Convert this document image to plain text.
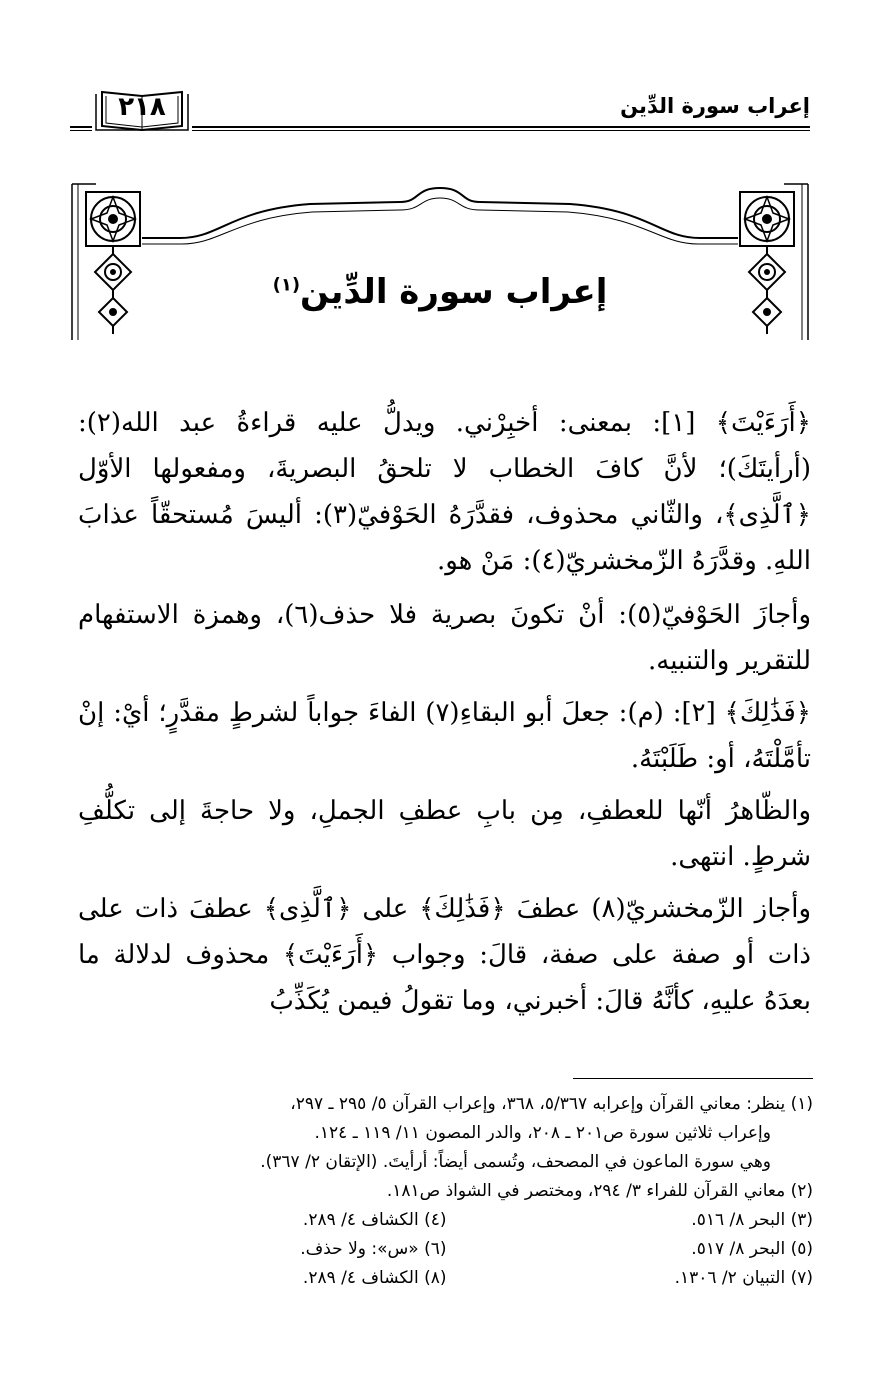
إعراب سورة الدِّين
٢١٨
إعراب سورة الدِّين$^{(١)}$

﴿أَرَءَيْتَ﴾ [١]: بمعنى: أخبِرْني. ويدلُّ عليه قراءةُ عبد الله(٢): (أرأيتَكَ)؛ لأنَّ كافَ الخطاب لا تلحقُ البصريةَ، ومفعولها الأوّل ﴿ٱلَّذِى﴾، والثّاني محذوف، فقدَّرَهُ الحَوْفيّ(٣): أليسَ مُستحقّاً عذابَ اللهِ. وقدَّرَهُ الزّمخشريّ(٤): مَنْ هو.

وأجازَ الحَوْفيّ(٥): أنْ تكونَ بصرية فلا حذف(٦)، وهمزة الاستفهام للتقرير والتنبيه.

﴿فَذَٰلِكَ﴾ [٢]: (م): جعلَ أبو البقاءِ(٧) الفاءَ جواباً لشرطٍ مقدَّرٍ؛ أيْ: إنْ تأمَّلْتَهُ، أو: طَلَبْتَهُ.

والظّاهرُ أنّها للعطفِ، مِن بابِ عطفِ الجملِ، ولا حاجةَ إلى تكلُّفِ شرطٍ. انتهى.

وأجاز الزّمخشريّ(٨) عطفَ ﴿فَذَٰلِكَ﴾ على ﴿ٱلَّذِى﴾ عطفَ ذات على ذات أو صفة على صفة، قالَ: وجواب ﴿أَرَءَيْتَ﴾ محذوف لدلالة ما بعدَهُ عليهِ، كأنَّهُ قالَ: أخبرني، وما تقولُ فيمن يُكَذِّبُ

(١) ينظر: معاني القرآن وإعرابه ٥/٣٦٧، ٣٦٨، وإعراب القرآن ٥/ ٢٩٥ ـ ٢٩٧،
وإعراب ثلاثين سورة ص٢٠١ ـ ٢٠٨، والدر المصون ١١/ ١١٩ ـ ١٢٤.
وهي سورة الماعون في المصحف، وتُسمى أيضاً: أرأيتَ. (الإتقان ٢/ ٣٦٧).
(٢) معاني القرآن للفراء ٣/ ٢٩٤، ومختصر في الشواذ ص١٨١.
(٣) البحر ٨/ ٥١٦.
(٤) الكشاف ٤/ ٢٨٩.
(٥) البحر ٨/ ٥١٧.
(٦) «س»: ولا حذف.
(٧) التبيان ٢/ ١٣٠٦.
(٨) الكشاف ٤/ ٢٨٩.
